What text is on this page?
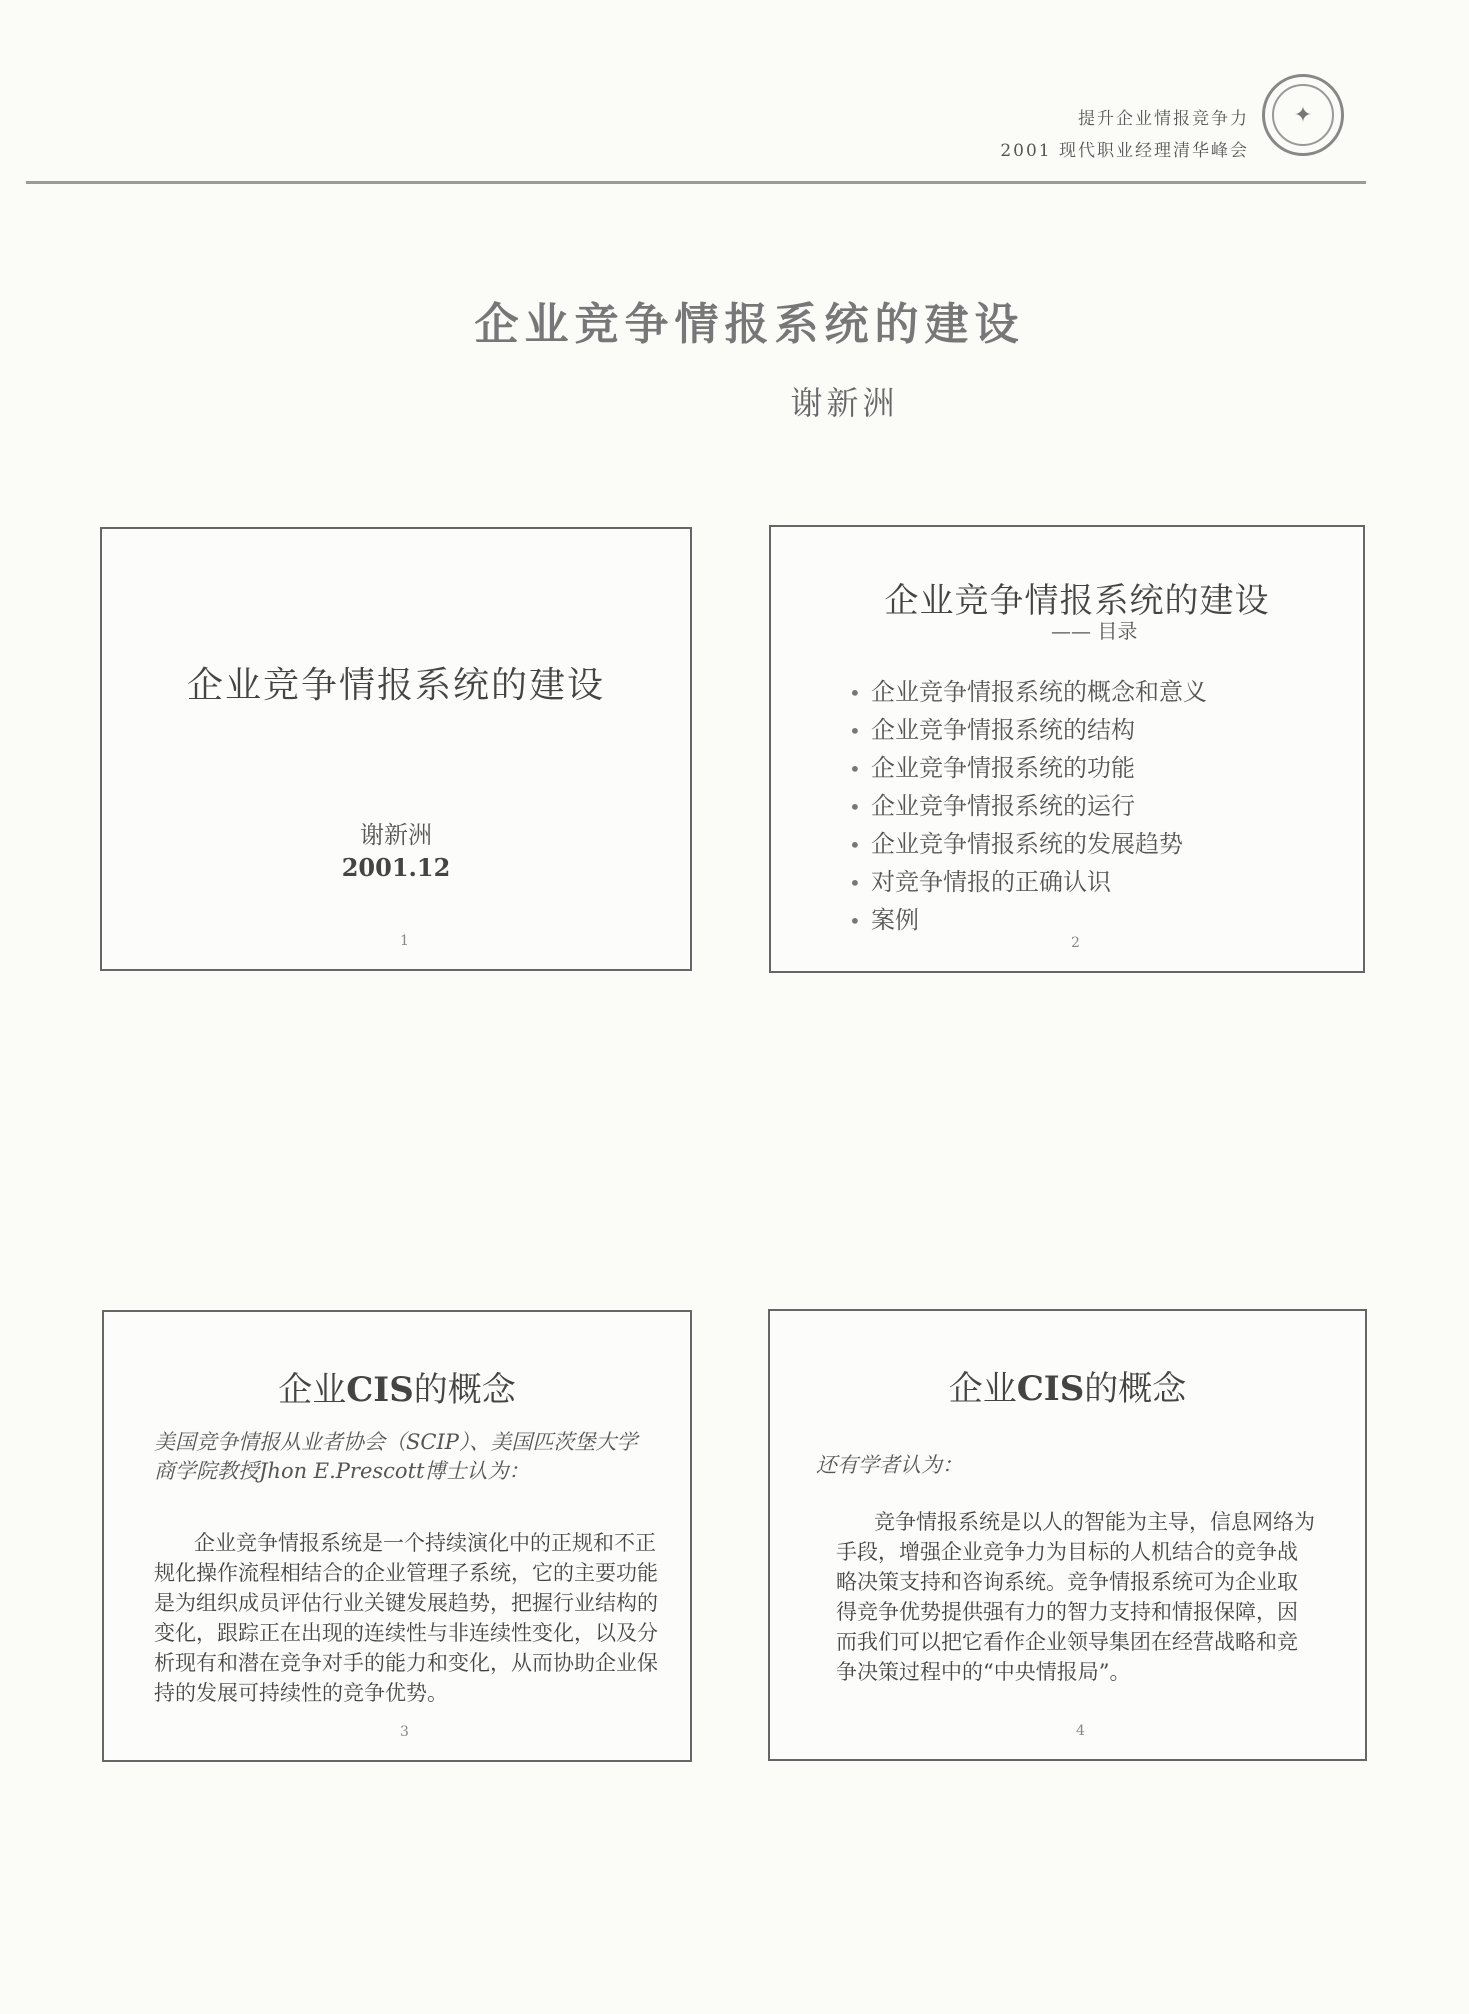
提升企业情报竞争力
2001 现代职业经理清华峰会
✦
企业竞争情报系统的建设
谢新洲
企业竞争情报系统的建设
谢新洲
2001.12
1
企业竞争情报系统的建设
—— 目录
• 企业竞争情报系统的概念和意义
• 企业竞争情报系统的结构
• 企业竞争情报系统的功能
• 企业竞争情报系统的运行
• 企业竞争情报系统的发展趋势
• 对竞争情报的正确认识
• 案例
2
企业CIS的概念
美国竞争情报从业者协会（SCIP）、美国匹茨堡大学商学院教授Jhon E.Prescott博士认为：
企业竞争情报系统是一个持续演化中的正规和不正规化操作流程相结合的企业管理子系统，它的主要功能是为组织成员评估行业关键发展趋势，把握行业结构的变化，跟踪正在出现的连续性与非连续性变化，以及分析现有和潜在竞争对手的能力和变化，从而协助企业保持的发展可持续性的竞争优势。
3
企业CIS的概念
还有学者认为：
竞争情报系统是以人的智能为主导，信息网络为手段，增强企业竞争力为目标的人机结合的竞争战略决策支持和咨询系统。竞争情报系统可为企业取得竞争优势提供强有力的智力支持和情报保障，因而我们可以把它看作企业领导集团在经营战略和竞争决策过程中的“中央情报局”。
4
